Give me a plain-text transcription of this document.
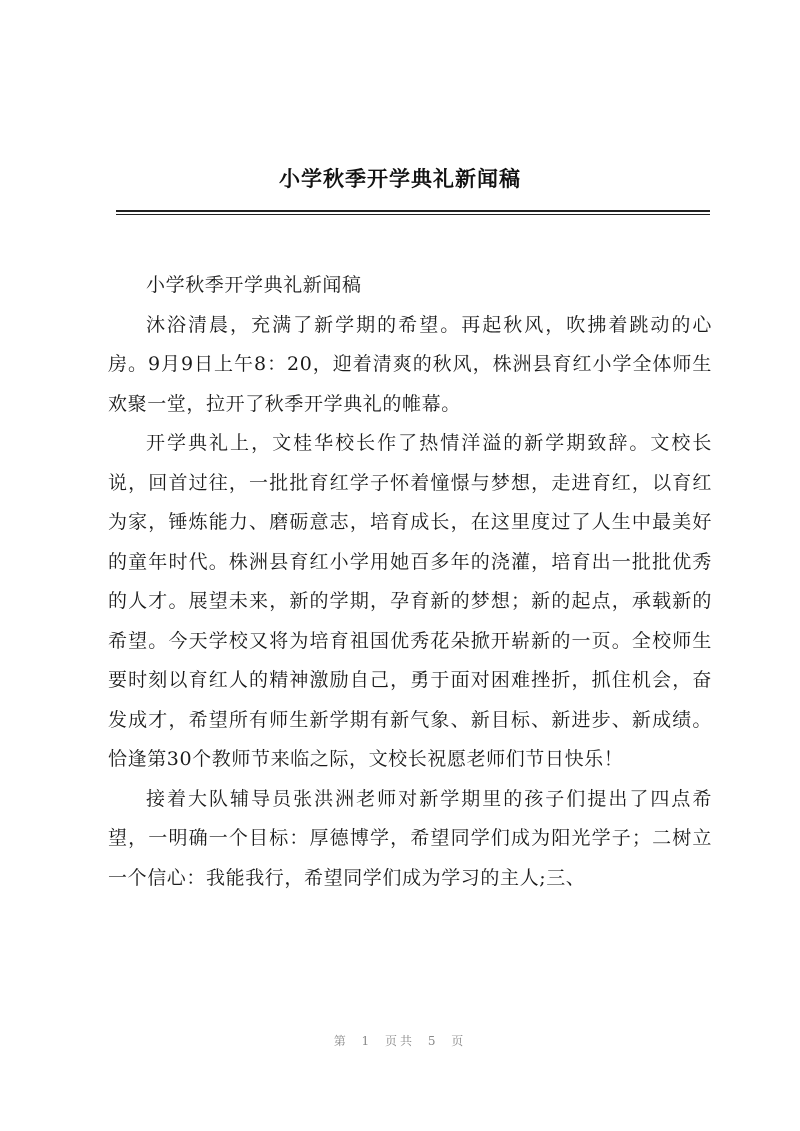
小学秋季开学典礼新闻稿

小学秋季开学典礼新闻稿

沐浴清晨，充满了新学期的希望。再起秋风，吹拂着跳动的心房。9月9日上午8：20，迎着清爽的秋风，株洲县育红小学全体师生欢聚一堂，拉开了秋季开学典礼的帷幕。

开学典礼上，文桂华校长作了热情洋溢的新学期致辞。文校长说，回首过往，一批批育红学子怀着憧憬与梦想，走进育红，以育红为家，锤炼能力、磨砺意志，培育成长，在这里度过了人生中最美好的童年时代。株洲县育红小学用她百多年的浇灌，培育出一批批优秀的人才。展望未来，新的学期，孕育新的梦想；新的起点，承载新的希望。今天学校又将为培育祖国优秀花朵掀开崭新的一页。全校师生要时刻以育红人的精神激励自己，勇于面对困难挫折，抓住机会，奋发成才，希望所有师生新学期有新气象、新目标、新进步、新成绩。恰逢第30个教师节来临之际，文校长祝愿老师们节日快乐！

接着大队辅导员张洪洲老师对新学期里的孩子们提出了四点希望，一明确一个目标：厚德博学，希望同学们成为阳光学子；二树立一个信心：我能我行，希望同学们成为学习的主人;三、

第 1 页共 5 页
